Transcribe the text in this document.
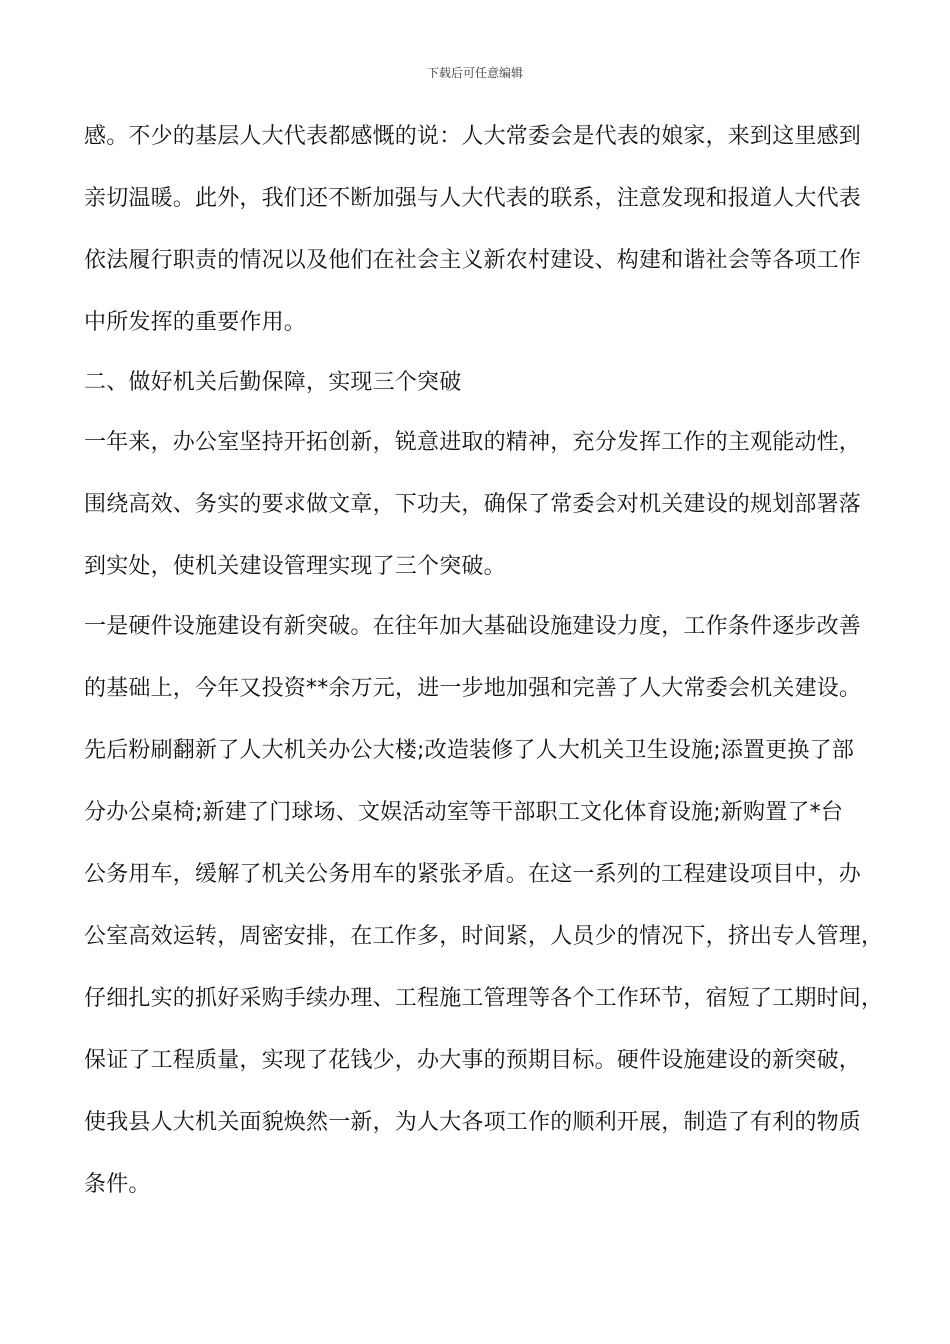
下载后可任意编辑
感。不少的基层人大代表都感慨的说：人大常委会是代表的娘家，来到这里感到
亲切温暖。此外，我们还不断加强与人大代表的联系，注意发现和报道人大代表
依法履行职责的情况以及他们在社会主义新农村建设、构建和谐社会等各项工作
中所发挥的重要作用。
二、做好机关后勤保障，实现三个突破
一年来，办公室坚持开拓创新，锐意进取的精神，充分发挥工作的主观能动性，
围绕高效、务实的要求做文章，下功夫，确保了常委会对机关建设的规划部署落
到实处，使机关建设管理实现了三个突破。
一是硬件设施建设有新突破。在往年加大基础设施建设力度，工作条件逐步改善
的基础上，今年又投资**余万元，进一步地加强和完善了人大常委会机关建设。
先后粉刷翻新了人大机关办公大楼;改造装修了人大机关卫生设施;添置更换了部
分办公桌椅;新建了门球场、文娱活动室等干部职工文化体育设施;新购置了*台
公务用车，缓解了机关公务用车的紧张矛盾。在这一系列的工程建设项目中，办
公室高效运转，周密安排，在工作多，时间紧，人员少的情况下，挤出专人管理，
仔细扎实的抓好采购手续办理、工程施工管理等各个工作环节，宿短了工期时间，
保证了工程质量，实现了花钱少，办大事的预期目标。硬件设施建设的新突破，
使我县人大机关面貌焕然一新，为人大各项工作的顺利开展，制造了有利的物质
条件。
